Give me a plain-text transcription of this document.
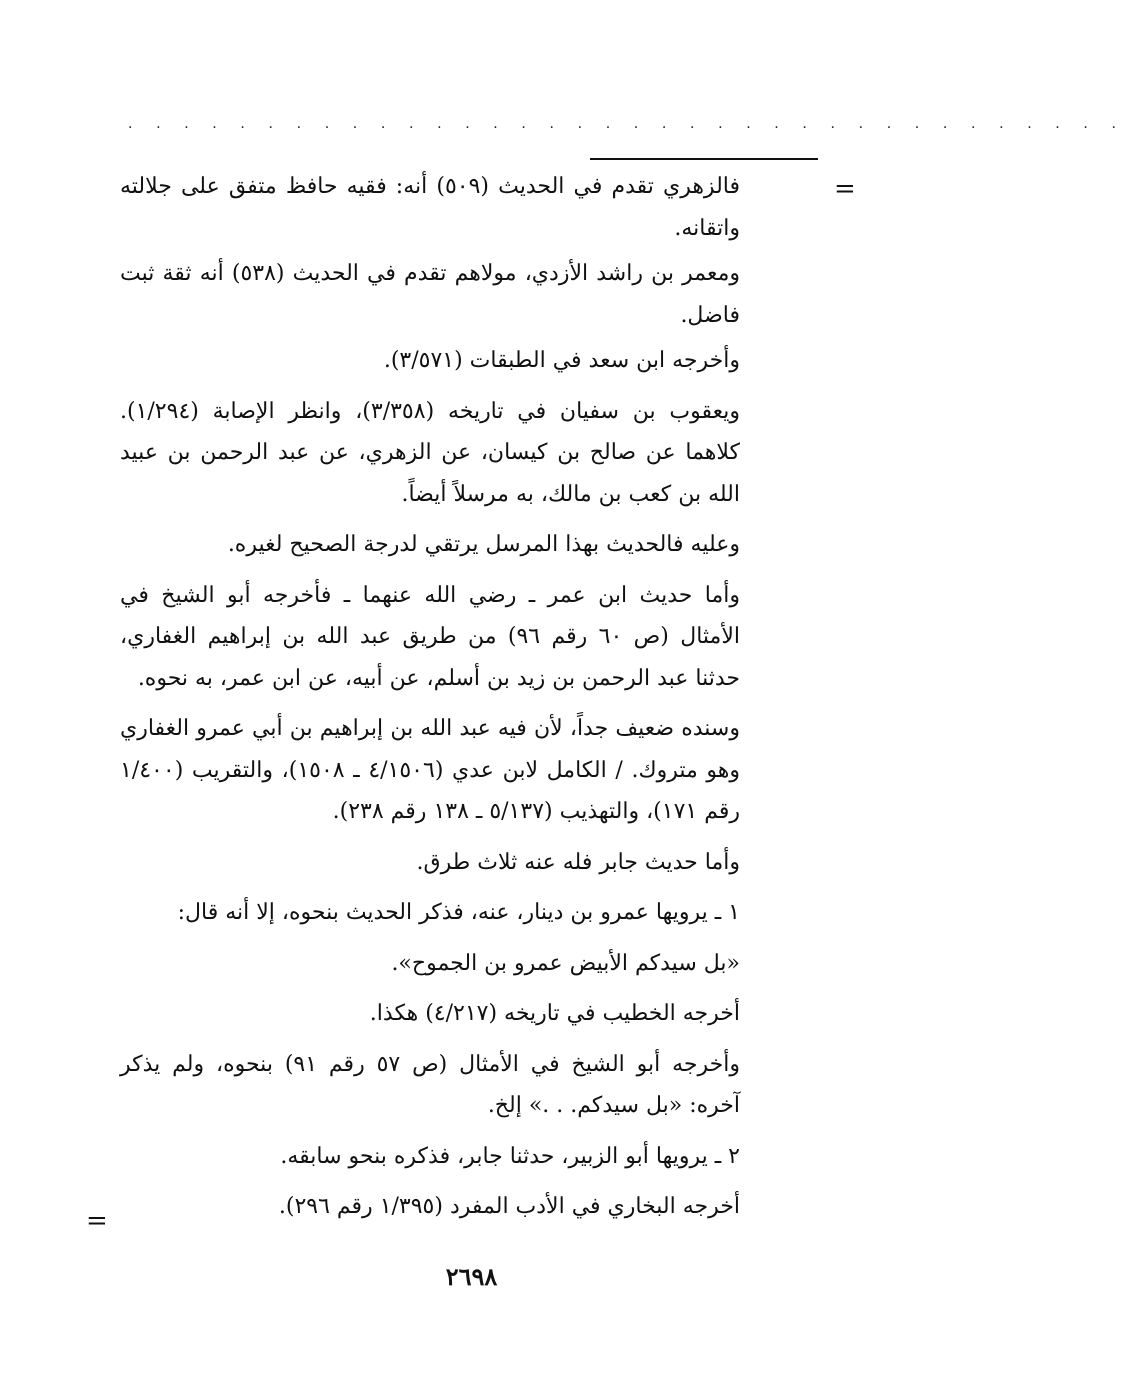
. . . . . . . . . . . . . . . . . . . . . . . . . . . . . . . . . . . .
=

فالزهري تقدم في الحديث (٥٠٩) أنه: فقيه حافظ متفق على جلالته واتقانه.

ومعمر بن راشد الأزدي، مولاهم تقدم في الحديث (٥٣٨) أنه ثقة ثبت فاضل.

وأخرجه ابن سعد في الطبقات (٣/٥٧١).

ويعقوب بن سفيان في تاريخه (٣/٣٥٨)، وانظر الإصابة (١/٢٩٤). كلاهما عن صالح بن كيسان، عن الزهري، عن عبد الرحمن بن عبيد الله بن كعب بن مالك، به مرسلاً أيضاً.

وعليه فالحديث بهذا المرسل يرتقي لدرجة الصحيح لغيره.

وأما حديث ابن عمر ـ رضي الله عنهما ـ فأخرجه أبو الشيخ في الأمثال (ص ٦٠ رقم ٩٦) من طريق عبد الله بن إبراهيم الغفاري، حدثنا عبد الرحمن بن زيد بن أسلم، عن أبيه، عن ابن عمر، به نحوه.

وسنده ضعيف جداً، لأن فيه عبد الله بن إبراهيم بن أبي عمرو الغفاري وهو متروك. / الكامل لابن عدي (٤/١٥٠٦ ـ ١٥٠٨)، والتقريب (١/٤٠٠ رقم ١٧١)، والتهذيب (٥/١٣٧ ـ ١٣٨ رقم ٢٣٨).

وأما حديث جابر فله عنه ثلاث طرق.

١ ـ يرويها عمرو بن دينار، عنه، فذكر الحديث بنحوه، إلا أنه قال:

«بل سيدكم الأبيض عمرو بن الجموح».

أخرجه الخطيب في تاريخه (٤/٢١٧) هكذا.

وأخرجه أبو الشيخ في الأمثال (ص ٥٧ رقم ٩١) بنحوه، ولم يذكر آخره: «بل سيدكم. . .» إلخ.

٢ ـ يرويها أبو الزبير، حدثنا جابر، فذكره بنحو سابقه.

أخرجه البخاري في الأدب المفرد (١/٣٩٥ رقم ٢٩٦).

=
٢٦٩٨
